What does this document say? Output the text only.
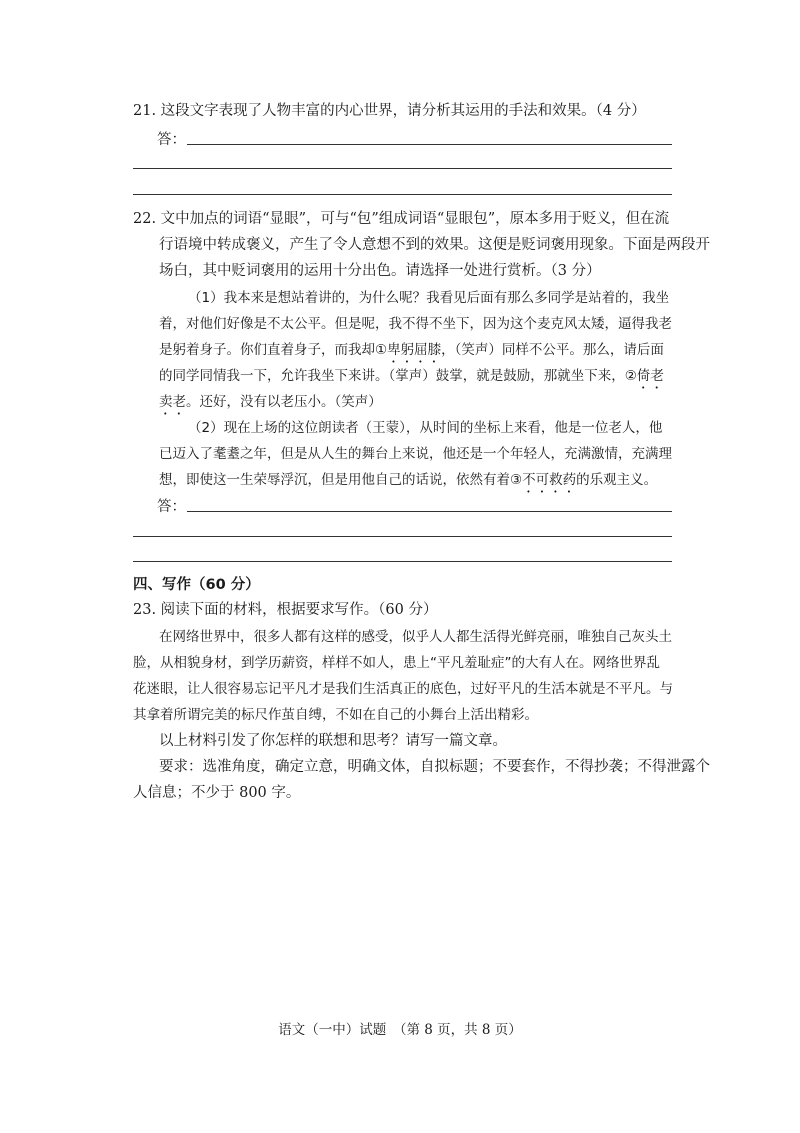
21. 这段文字表现了人物丰富的内心世界，请分析其运用的手法和效果。（4 分）
答：
22. 文中加点的词语“显眼”，可与“包”组成词语“显眼包”，原本多用于贬义，但在流
行语境中转成褒义，产生了令人意想不到的效果。这便是贬词褒用现象。下面是两段开
场白，其中贬词褒用的运用十分出色。请选择一处进行赏析。（3 分）
（1）我本来是想站着讲的，为什么呢？我看见后面有那么多同学是站着的，我坐
着，对他们好像是不太公平。但是呢，我不得不坐下，因为这个麦克风太矮，逼得我老
是躬着身子。你们直着身子，而我却①卑躬屈膝，（笑声）同样不公平。那么，请后面
的同学同情我一下，允许我坐下来讲。（掌声）鼓掌，就是鼓励，那就坐下来，②倚老
卖老。还好，没有以老压小。（笑声）
（2）现在上场的这位朗读者（王蒙），从时间的坐标上来看，他是一位老人，他
已迈入了耄耋之年，但是从人生的舞台上来说，他还是一个年轻人，充满激情，充满理
想，即使这一生荣辱浮沉，但是用他自己的话说，依然有着③不可救药的乐观主义。
答：
四、写作（60 分）
23. 阅读下面的材料，根据要求写作。（60 分）
在网络世界中，很多人都有这样的感受，似乎人人都生活得光鲜亮丽，唯独自己灰头土
脸，从相貌身材，到学历薪资，样样不如人，患上“平凡羞耻症”的大有人在。网络世界乱
花迷眼，让人很容易忘记平凡才是我们生活真正的底色，过好平凡的生活本就是不平凡。与
其拿着所谓完美的标尺作茧自缚，不如在自己的小舞台上活出精彩。
以上材料引发了你怎样的联想和思考？请写一篇文章。
要求：选准角度，确定立意，明确文体，自拟标题；不要套作，不得抄袭；不得泄露个
人信息；不少于 800 字。
语文（一中）试题　（第 8 页，共 8 页）
